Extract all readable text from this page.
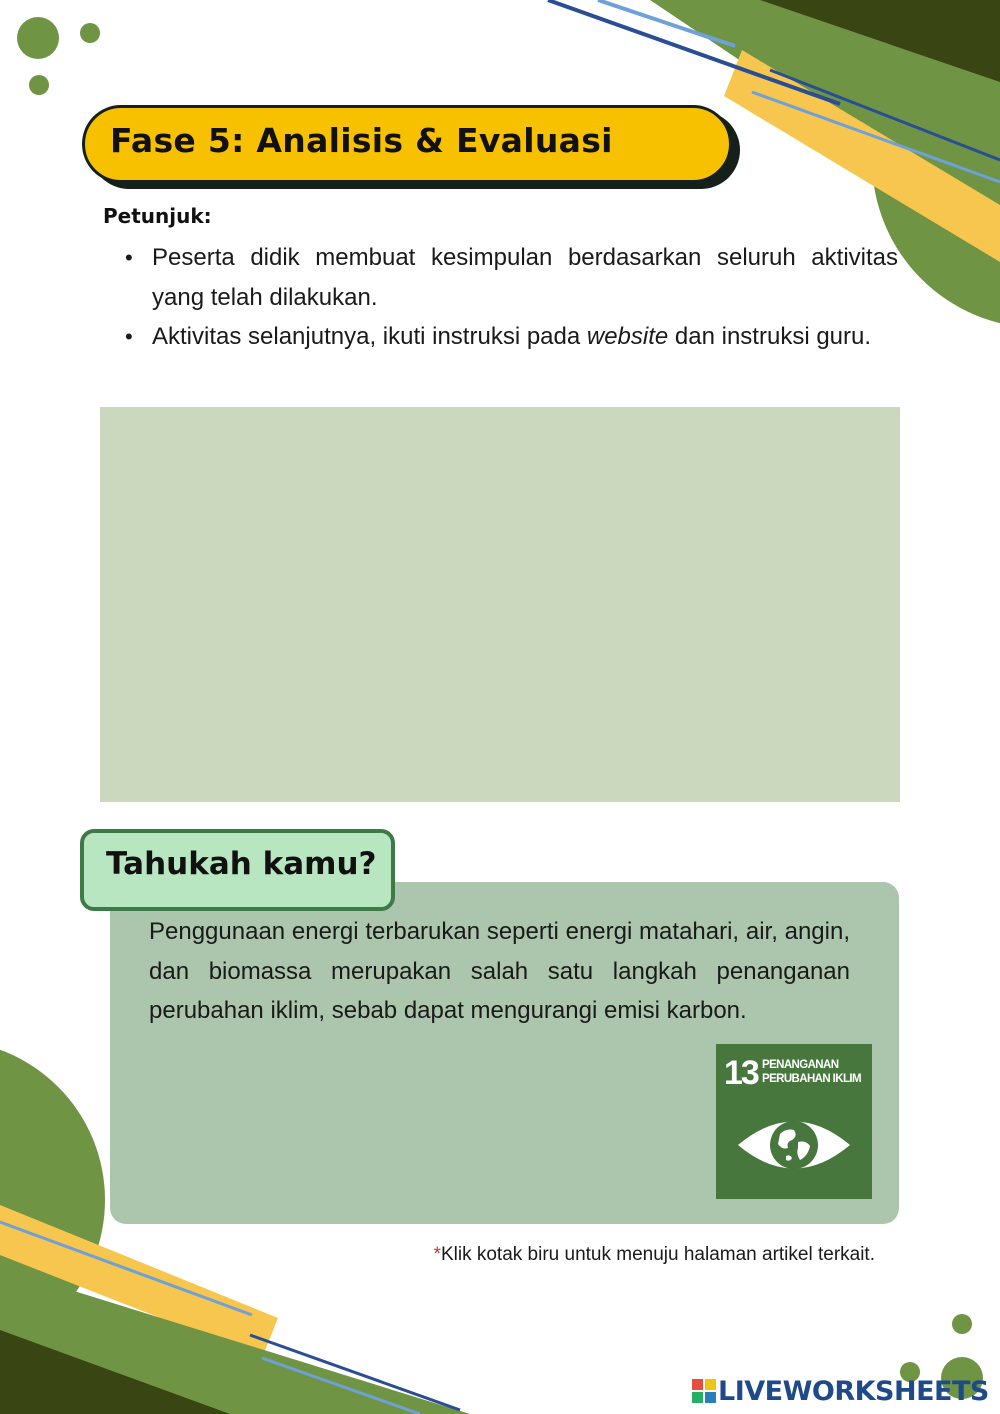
Fase 5: Analisis & Evaluasi
Petunjuk:
• Peserta didik membuat kesimpulan berdasarkan seluruh aktivitas yang telah dilakukan.
• Aktivitas selanjutnya, ikuti instruksi pada website dan instruksi guru.
Tahukah kamu?
Penggunaan energi terbarukan seperti energi matahari, air, angin, dan biomassa merupakan salah satu langkah penanganan perubahan iklim, sebab dapat mengurangi emisi karbon.
13 PENANGANAN
PERUBAHAN IKLIM
*Klik kotak biru untuk menuju halaman artikel terkait.
LIVEWORKSHEETS
